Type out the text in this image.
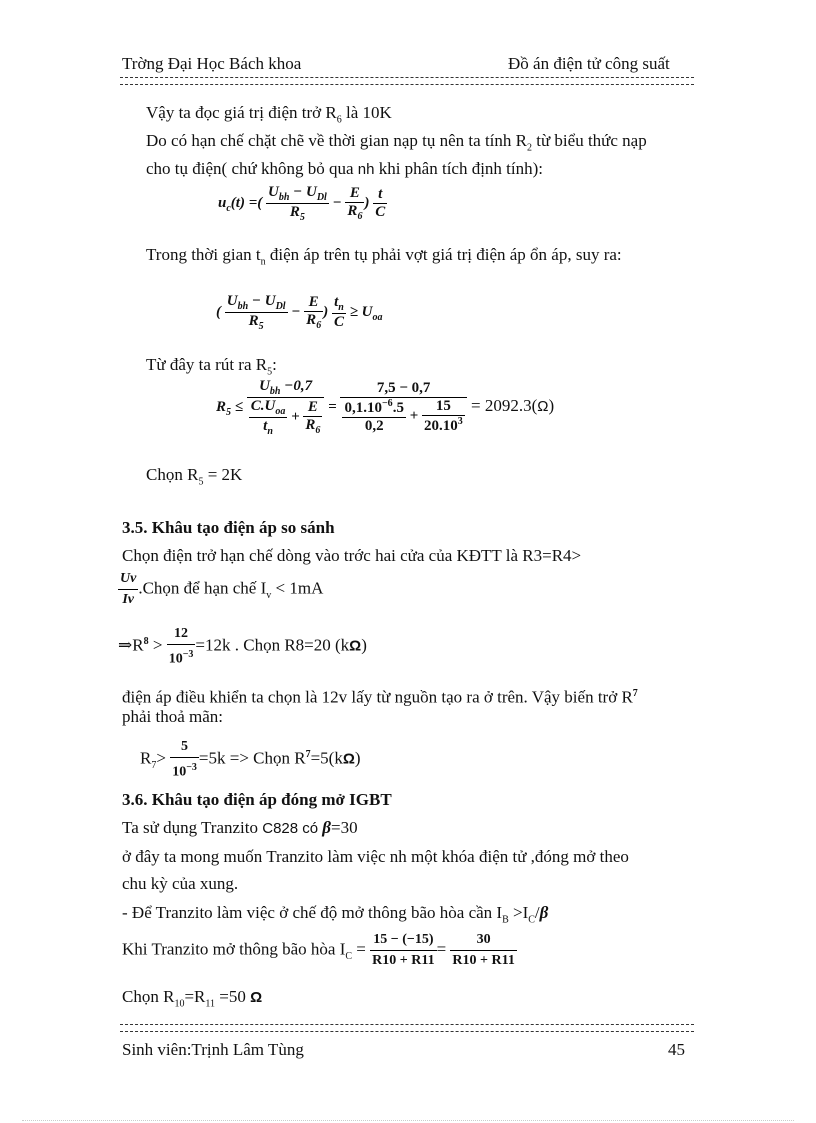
Trờng Đại Học Bách khoa	Đồ án điện tử công suất
Vậy ta đọc giá trị điện trở $R_6$ là 10K
Do có hạn chế chặt chẽ về thời gian nạp tụ nên ta tính $R_2$ từ biểu thức nạp
cho tụ điện( chứ không bỏ qua nh khi phân tích định tính):
$u_c(t)$ =( $\frac{U_{bh} - U_{Dl}}{R_5} - \frac{E}{R_6}$ ) $\frac{t}{C}$
Trong thời gian $t_n$ điện áp trên tụ phải vợt giá trị điện áp ổn áp, suy ra:
( $\frac{U_{bh} - U_{Dl}}{R_5} - \frac{E}{R_6}$ ) $\frac{t_n}{C} \ge U_{oa}$
Từ đây ta rút ra $R_5$:
$R_5 \le \frac{U_{bh} -0,7}{\frac{C.U_{oa}}{t_n} + \frac{E}{R_6}} = \frac{7,5 - 0,7}{\frac{0,1.10^{-6}.5}{0,2} + \frac{15}{20.10^3}} = 2092.3(\Omega)$
Chọn $R_5 = 2K$
3.5. Khâu tạo điện áp so sánh
Chọn điện trở hạn chế dòng vào trớc hai cửa của KĐTT là R3=R4>
$\frac{Uv}{Iv}$ .Chọn để hạn chế $I_v < 1mA$
$\Rightarrow R^8 > \frac{12}{10^{-3}} =12k$ . Chọn R8=20 (kΩ)
điện áp điều khiển ta chọn là 12v lấy từ nguồn tạo ra ở trên. Vậy biến trở $R^7$
phải thoả mãn:
$R_7> \frac{5}{10^{-3}} =5k$ => Chọn $R^7=5(k\Omega)$
3.6. Khâu tạo điện áp đóng mở IGBT
Ta sử dụng Tranzito C828 có β=30
ở đây ta mong muốn Tranzito làm việc nh một khóa điện tử ,đóng mở theo
chu kỳ của xung.
- Để Tranzito làm việc ở chế độ mở thông bão hòa cần $I_B >I_C/\beta$
Khi Tranzito mở thông bão hòa $I_C = \frac{15 - (-15)}{R10 + R11} = \frac{30}{R10 + R11}$
Chọn $R_{10}=R_{11} =50$ Ω
Sinh viên:Trịnh Lâm Tùng	45
